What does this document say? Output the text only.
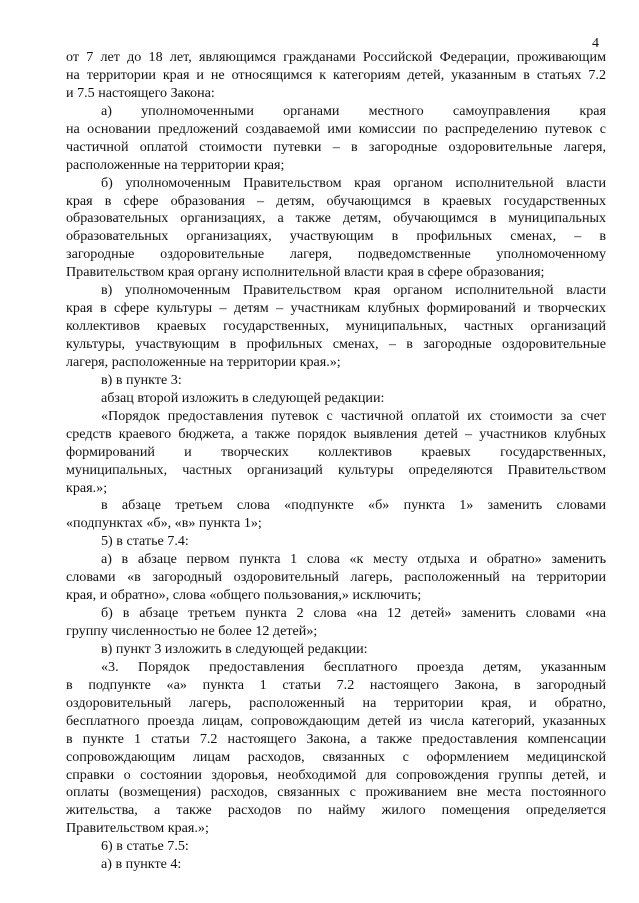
4
от 7 лет до 18 лет, являющимся гражданами Российской Федерации, проживающим
на территории края и не относящимся к категориям детей, указанным в статьях 7.2
и 7.5 настоящего Закона:
а) уполномоченными органами местного самоуправления края
на основании предложений создаваемой ими комиссии по распределению путевок с
частичной оплатой стоимости путевки – в загородные оздоровительные лагеря,
расположенные на территории края;
б) уполномоченным Правительством края органом исполнительной власти
края в сфере образования – детям, обучающимся в краевых государственных
образовательных организациях, а также детям, обучающимся в муниципальных
образовательных организациях, участвующим в профильных сменах, – в
загородные оздоровительные лагеря, подведомственные уполномоченному
Правительством края органу исполнительной власти края в сфере образования;
в) уполномоченным Правительством края органом исполнительной власти
края в сфере культуры – детям – участникам клубных формирований и творческих
коллективов краевых государственных, муниципальных, частных организаций
культуры, участвующим в профильных сменах, – в загородные оздоровительные
лагеря, расположенные на территории края.»;
в) в пункте 3:
абзац второй изложить в следующей редакции:
«Порядок предоставления путевок с частичной оплатой их стоимости за счет
средств краевого бюджета, а также порядок выявления детей – участников клубных
формирований и творческих коллективов краевых государственных,
муниципальных, частных организаций культуры определяются Правительством
края.»;
в абзаце третьем слова «подпункте «б» пункта 1» заменить словами
«подпунктах «б», «в» пункта 1»;
5) в статье 7.4:
а) в абзаце первом пункта 1 слова «к месту отдыха и обратно» заменить
словами «в загородный оздоровительный лагерь, расположенный на территории
края, и обратно», слова «общего пользования,» исключить;
б) в абзаце третьем пункта 2 слова «на 12 детей» заменить словами «на
группу численностью не более 12 детей»;
в) пункт 3 изложить в следующей редакции:
«3. Порядок предоставления бесплатного проезда детям, указанным
в подпункте «а» пункта 1 статьи 7.2 настоящего Закона, в загородный
оздоровительный лагерь, расположенный на территории края, и обратно,
бесплатного проезда лицам, сопровождающим детей из числа категорий, указанных
в пункте 1 статьи 7.2 настоящего Закона, а также предоставления компенсации
сопровождающим лицам расходов, связанных с оформлением медицинской
справки о состоянии здоровья, необходимой для сопровождения группы детей, и
оплаты (возмещения) расходов, связанных с проживанием вне места постоянного
жительства, а также расходов по найму жилого помещения определяется
Правительством края.»;
6) в статье 7.5:
а) в пункте 4:
